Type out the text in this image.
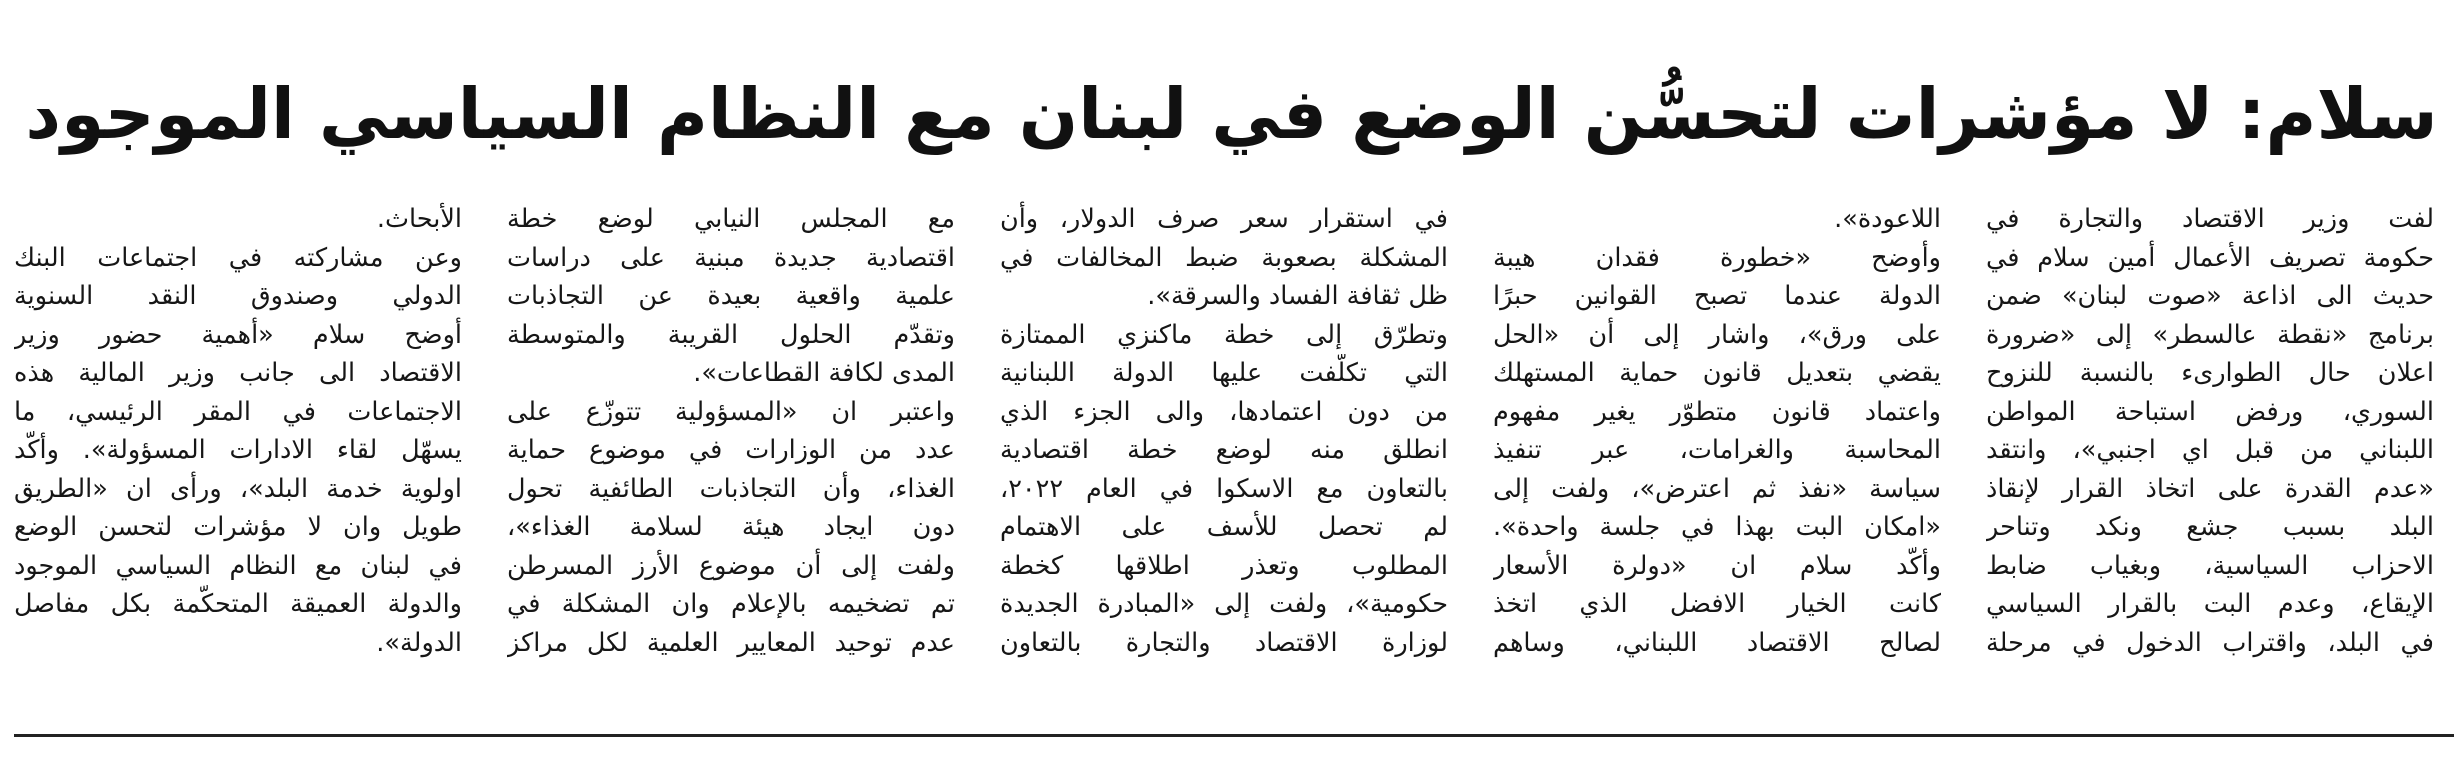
سلام: لا مؤشرات لتحسُّن الوضع في لبنان مع النظام السياسي الموجود
لفت وزير الاقتصاد والتجارة في
حكومة تصريف الأعمال أمين سلام في
حديث الى اذاعة «صوت لبنان» ضمن
برنامج «نقطة عالسطر» إلى «ضرورة
اعلان حال الطوارىء بالنسبة للنزوح
السوري، ورفض استباحة المواطن
اللبناني من قبل اي اجنبي»، وانتقد
«عدم القدرة على اتخاذ القرار لإنقاذ
البلد بسبب جشع ونكد وتناحر
الاحزاب السياسية، وبغياب ضابط
الإيقاع، وعدم البت بالقرار السياسي
في البلد، واقتراب الدخول في مرحلة
اللاعودة».
وأوضح «خطورة فقدان هيبة
الدولة عندما تصبح القوانين حبرًا
على ورق»، واشار إلى أن «الحل
يقضي بتعديل قانون حماية المستهلك
واعتماد قانون متطوّر يغير مفهوم
المحاسبة والغرامات، عبر تنفيذ
سياسة «نفذ ثم اعترض»، ولفت إلى
«امكان البت بهذا في جلسة واحدة».
وأكّد سلام ان «دولرة الأسعار
كانت الخيار الافضل الذي اتخذ
لصالح الاقتصاد اللبناني، وساهم
في استقرار سعر صرف الدولار، وأن
المشكلة بصعوبة ضبط المخالفات في
ظل ثقافة الفساد والسرقة».
وتطرّق إلى خطة ماكنزي الممتازة
التي تكلّفت عليها الدولة اللبنانية
من دون اعتمادها، والى الجزء الذي
انطلق منه لوضع خطة اقتصادية
بالتعاون مع الاسكوا في العام ٢٠٢٢،
لم تحصل للأسف على الاهتمام
المطلوب وتعذر اطلاقها كخطة
حكومية»، ولفت إلى «المبادرة الجديدة
لوزارة الاقتصاد والتجارة بالتعاون
مع المجلس النيابي لوضع خطة
اقتصادية جديدة مبنية على دراسات
علمية واقعية بعيدة عن التجاذبات
وتقدّم الحلول القريبة والمتوسطة
المدى لكافة القطاعات».
واعتبر ان «المسؤولية تتوزّع على
عدد من الوزارات في موضوع حماية
الغذاء، وأن التجاذبات الطائفية تحول
دون ايجاد هيئة لسلامة الغذاء»،
ولفت إلى أن موضوع الأرز المسرطن
تم تضخيمه بالإعلام وان المشكلة في
عدم توحيد المعايير العلمية لكل مراكز
الأبحاث.
وعن مشاركته في اجتماعات البنك
الدولي وصندوق النقد السنوية
أوضح سلام «أهمية حضور وزير
الاقتصاد الى جانب وزير المالية هذه
الاجتماعات في المقر الرئيسي، ما
يسهّل لقاء الادارات المسؤولة». وأكّد
اولوية خدمة البلد»، ورأى ان «الطريق
طويل وان لا مؤشرات لتحسن الوضع
في لبنان مع النظام السياسي الموجود
والدولة العميقة المتحكّمة بكل مفاصل
الدولة».
